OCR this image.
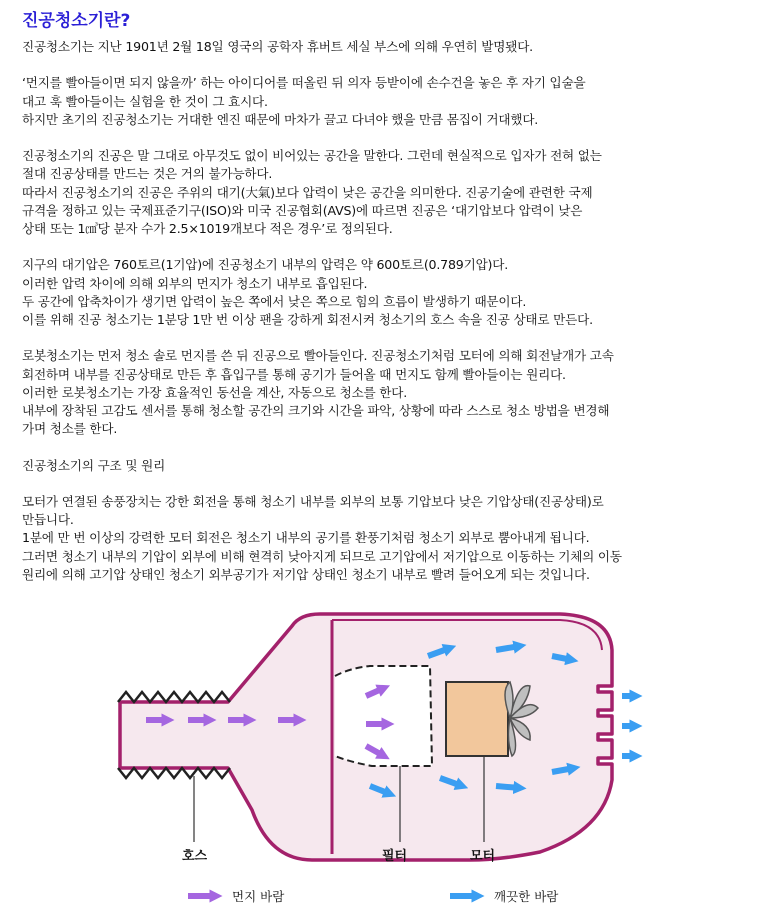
진공청소기란?

진공청소기는 지난 1901년 2월 18일 영국의 공학자 휴버트 세실 부스에 의해 우연히 발명됐다.

‘먼지를 빨아들이면 되지 않을까’ 하는 아이디어를 떠올린 뒤 의자 등받이에 손수건을 놓은 후 자기 입술을

대고 훅 빨아들이는 실험을 한 것이 그 효시다.

하지만 초기의 진공청소기는 거대한 엔진 때문에 마차가 끌고 다녀야 했을 만큼 몸집이 거대했다.

진공청소기의 진공은 말 그대로 아무것도 없이 비어있는 공간을 말한다. 그런데 현실적으로 입자가 전혀 없는

절대 진공상태를 만드는 것은 거의 불가능하다.

따라서 진공청소기의 진공은 주위의 대기(大氣)보다 압력이 낮은 공간을 의미한다. 진공기술에 관련한 국제

규격을 정하고 있는 국제표준기구(ISO)와 미국 진공협회(AVS)에 따르면 진공은 ‘대기압보다 압력이 낮은

상태 또는 1㎤당 분자 수가 2.5×1019개보다 적은 경우’로 정의된다.

지구의 대기압은 760토르(1기압)에 진공청소기 내부의 압력은 약 600토르(0.789기압)다.

이러한 압력 차이에 의해 외부의 먼지가 청소기 내부로 흡입된다.

두 공간에 압축차이가 생기면 압력이 높은 쪽에서 낮은 쪽으로 힘의 흐름이 발생하기 때문이다.

이를 위해 진공 청소기는 1분당 1만 번 이상 팬을 강하게 회전시켜 청소기의 호스 속을 진공 상태로 만든다.

로봇청소기는 먼저 청소 솔로 먼지를 쓴 뒤 진공으로 빨아들인다. 진공청소기처럼 모터에 의해 회전날개가 고속

회전하며 내부를 진공상태로 만든 후 흡입구를 통해 공기가 들어올 때 먼지도 함께 빨아들이는 원리다.

이러한 로봇청소기는 가장 효율적인 동선을 계산, 자동으로 청소를 한다.

내부에 장착된 고감도 센서를 통해 청소할 공간의 크기와 시간을 파악, 상황에 따라 스스로 청소 방법을 변경해

가며 청소를 한다.

진공청소기의 구조 및 원리

모터가 연결된 송풍장치는 강한 회전을 통해 청소기 내부를 외부의 보통 기압보다 낮은 기압상태(진공상태)로

만듭니다.

1분에 만 번 이상의 강력한 모터 회전은 청소기 내부의 공기를 환풍기처럼 청소기 외부로 뿜아내게 됩니다.

그러면 청소기 내부의 기압이 외부에 비해 현격히 낮아지게 되므로 고기압에서 저기압으로 이동하는 기체의 이동

원리에 의해 고기압 상태인 청소기 외부공기가 저기압 상태인 청소기 내부로 빨려 들어오게 되는 것입니다.

호스	필터	모터
먼지 바람	깨끗한 바람
